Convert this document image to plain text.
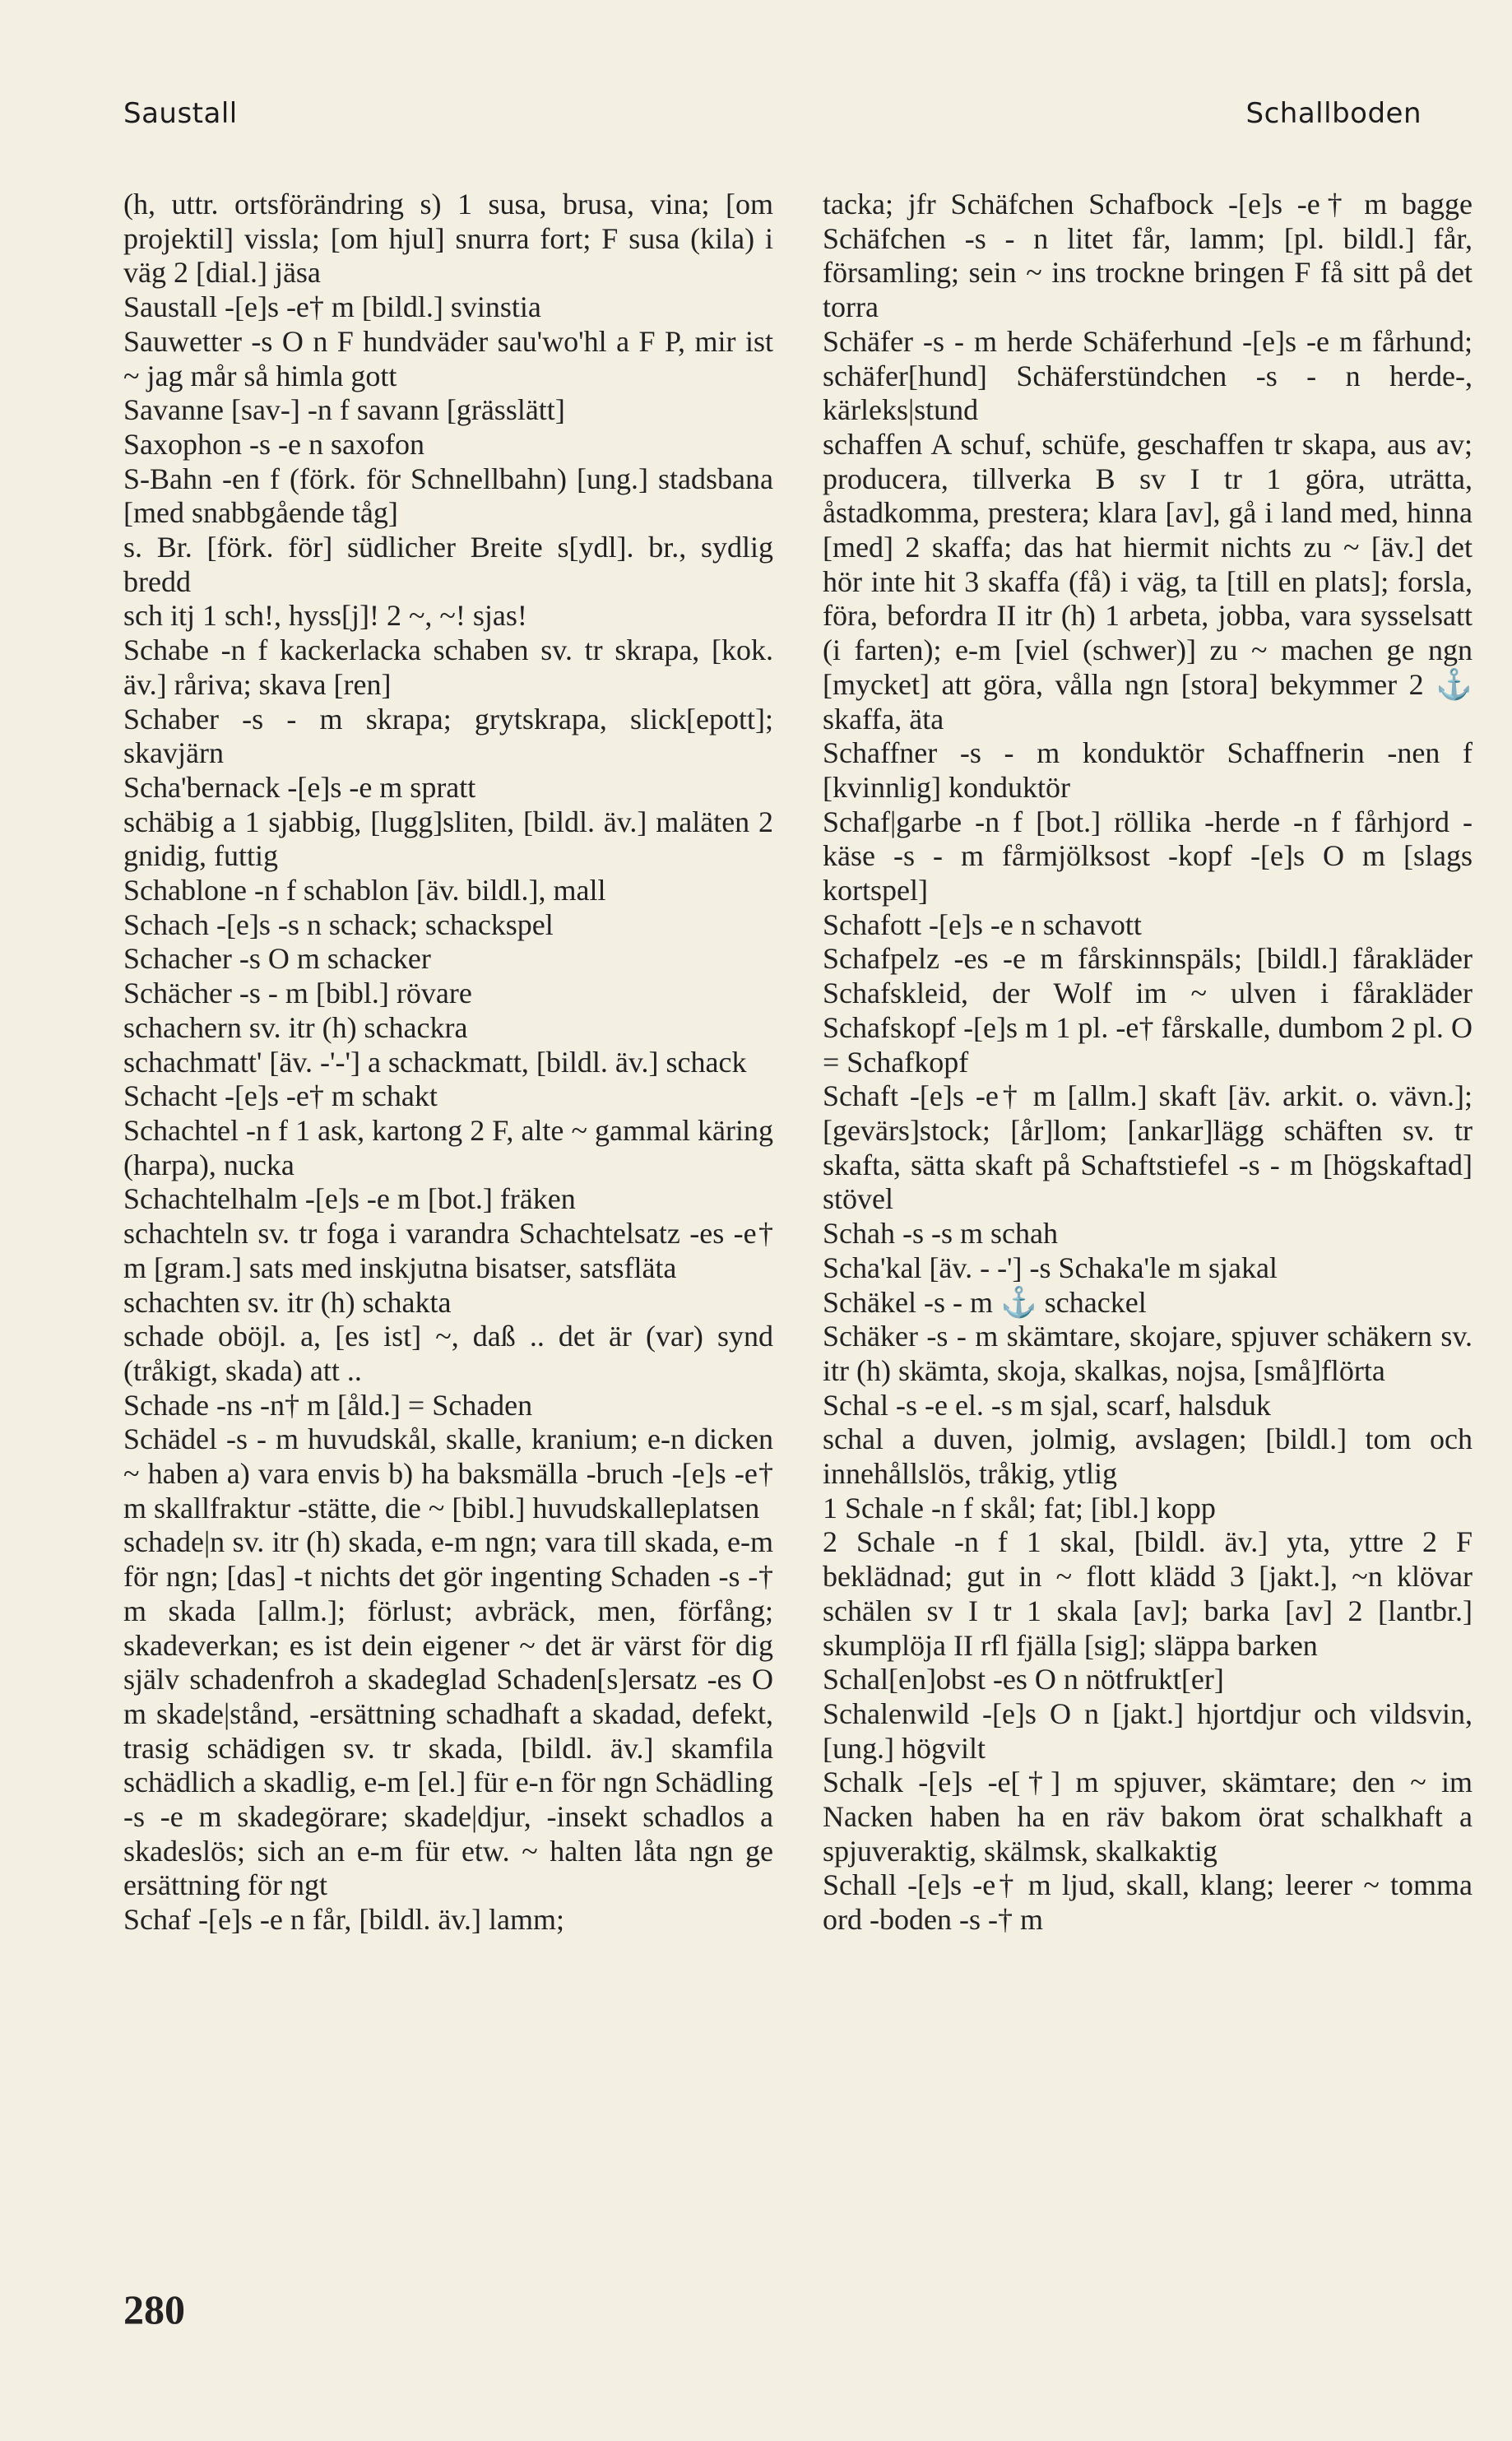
Saustall	Schallboden

(h, uttr. ortsförändring s) 1 susa, brusa, vina; [om projektil] vissla; [om hjul] snurra fort; F susa (kila) i väg 2 [dial.] jäsa

Saustall -[e]s -e† m [bildl.] svinstia

Sauwetter -s O n F hundväder sau'wo'hl a F P, mir ist ~ jag mår så himla gott

Savanne [sav-] -n f savann [grässlätt]

Saxophon -s -e n saxofon

S-Bahn -en f (förk. för Schnellbahn) [ung.] stadsbana [med snabbgående tåg]

s. Br. [förk. för] südlicher Breite s[ydl]. br., sydlig bredd

sch itj 1 sch!, hyss[j]! 2 ~, ~! sjas!

Schabe -n f kackerlacka schaben sv. tr skrapa, [kok. äv.] råriva; skava [ren]

Schaber -s - m skrapa; grytskrapa, slick[epott]; skavjärn

Scha'bernack -[e]s -e m spratt

schäbig a 1 sjabbig, [lugg]sliten, [bildl. äv.] maläten 2 gnidig, futtig

Schablone -n f schablon [äv. bildl.], mall

Schach -[e]s -s n schack; schackspel

Schacher -s O m schacker

Schächer -s - m [bibl.] rövare

schachern sv. itr (h) schackra

schachmatt' [äv. -'-'] a schackmatt, [bildl. äv.] schack

Schacht -[e]s -e† m schakt

Schachtel -n f 1 ask, kartong 2 F, alte ~ gammal käring (harpa), nucka

Schachtelhalm -[e]s -e m [bot.] fräken

schachteln sv. tr foga i varandra Schachtelsatz -es -e† m [gram.] sats med inskjutna bisatser, satsfläta

schachten sv. itr (h) schakta

schade oböjl. a, [es ist] ~, daß .. det är (var) synd (tråkigt, skada) att ..

Schade -ns -n† m [åld.] = Schaden

Schädel -s - m huvudskål, skalle, kranium; e-n dicken ~ haben a) vara envis b) ha baksmälla -bruch -[e]s -e† m skallfraktur -stätte, die ~ [bibl.] huvudskalleplatsen

schade|n sv. itr (h) skada, e-m ngn; vara till skada, e-m för ngn; [das] -t nichts det gör ingenting Schaden -s -† m skada [allm.]; förlust; avbräck, men, förfång; skadeverkan; es ist dein eigener ~ det är värst för dig själv schadenfroh a skadeglad Schaden[s]ersatz -es O m skade|stånd, -ersättning schadhaft a skadad, defekt, trasig schädigen sv. tr skada, [bildl. äv.] skamfila schädlich a skadlig, e-m [el.] für e-n för ngn Schädling -s -e m skadegörare; skade|djur, -insekt schadlos a skadeslös; sich an e-m für etw. ~ halten låta ngn ge ersättning för ngt

Schaf -[e]s -e n får, [bildl. äv.] lamm;

tacka; jfr Schäfchen Schafbock -[e]s -e† m bagge Schäfchen -s - n litet får, lamm; [pl. bildl.] får, församling; sein ~ ins trockne bringen F få sitt på det torra

Schäfer -s - m herde Schäferhund -[e]s -e m fårhund; schäfer[hund] Schäferstündchen -s - n herde-, kärleks|stund

schaffen A schuf, schüfe, geschaffen tr skapa, aus av; producera, tillverka B sv I tr 1 göra, uträtta, åstadkomma, prestera; klara [av], gå i land med, hinna [med] 2 skaffa; das hat hiermit nichts zu ~ [äv.] det hör inte hit 3 skaffa (få) i väg, ta [till en plats]; forsla, föra, befordra II itr (h) 1 arbeta, jobba, vara sysselsatt (i farten); e-m [viel (schwer)] zu ~ machen ge ngn [mycket] att göra, vålla ngn [stora] bekymmer 2 ⚓ skaffa, äta

Schaffner -s - m konduktör Schaffnerin -nen f [kvinnlig] konduktör

Schaf|garbe -n f [bot.] röllika -herde -n f fårhjord -käse -s - m fårmjölksost -kopf -[e]s O m [slags kortspel]

Schafott -[e]s -e n schavott

Schafpelz -es -e m fårskinnspäls; [bildl.] fårakläder Schafskleid, der Wolf im ~ ulven i fårakläder Schafskopf -[e]s m 1 pl. -e† fårskalle, dumbom 2 pl. O = Schafkopf

Schaft -[e]s -e† m [allm.] skaft [äv. arkit. o. vävn.]; [gevärs]stock; [år]lom; [ankar]lägg schäften sv. tr skafta, sätta skaft på Schaftstiefel -s - m [högskaftad] stövel

Schah -s -s m schah

Scha'kal [äv. - -'] -s Schaka'le m sjakal

Schäkel -s - m ⚓ schackel

Schäker -s - m skämtare, skojare, spjuver schäkern sv. itr (h) skämta, skoja, skalkas, nojsa, [små]flörta

Schal -s -e el. -s m sjal, scarf, halsduk

schal a duven, jolmig, avslagen; [bildl.] tom och innehållslös, tråkig, ytlig

1 Schale -n f skål; fat; [ibl.] kopp

2 Schale -n f 1 skal, [bildl. äv.] yta, yttre 2 F beklädnad; gut in ~ flott klädd 3 [jakt.], ~n klövar schälen sv I tr 1 skala [av]; barka [av] 2 [lantbr.] skumplöja II rfl fjälla [sig]; släppa barken

Schal[en]obst -es O n nötfrukt[er]

Schalenwild -[e]s O n [jakt.] hjortdjur och vildsvin, [ung.] högvilt

Schalk -[e]s -e[†] m spjuver, skämtare; den ~ im Nacken haben ha en räv bakom örat schalkhaft a spjuveraktig, skälmsk, skalkaktig

Schall -[e]s -e† m ljud, skall, klang; leerer ~ tomma ord -boden -s -† m

280
